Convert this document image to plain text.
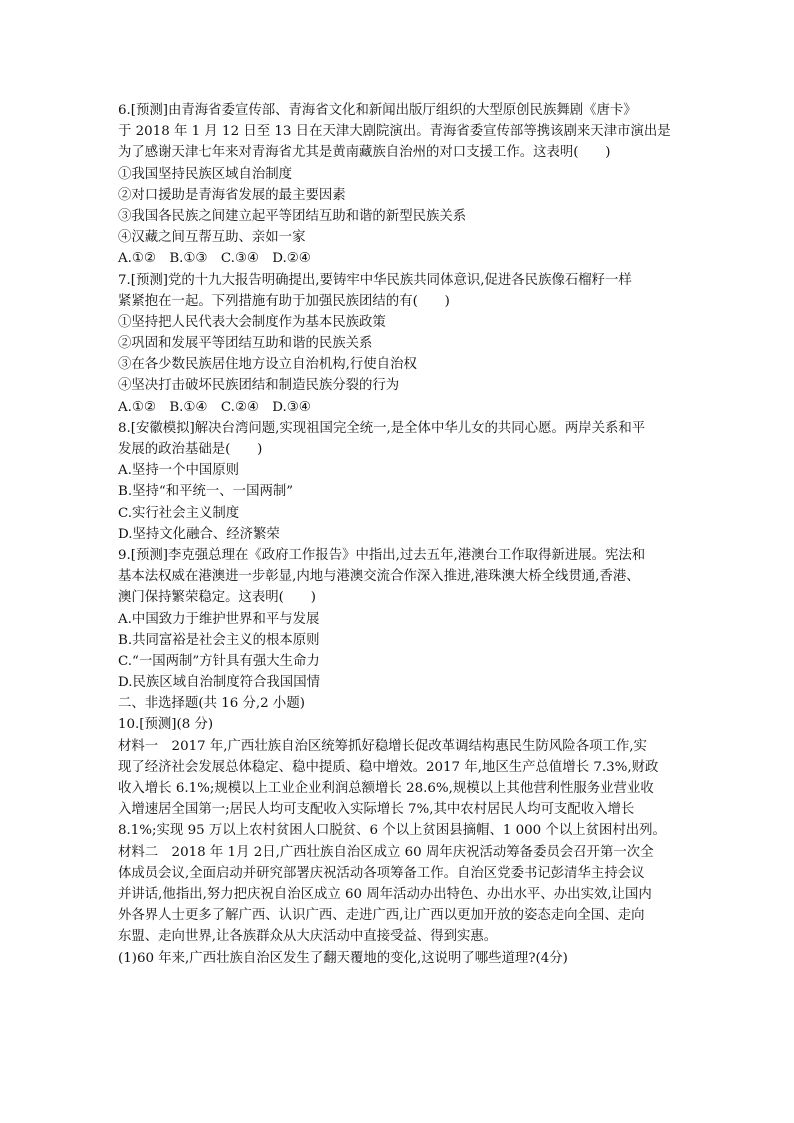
6.[预测]由青海省委宣传部、青海省文化和新闻出版厅组织的大型原创民族舞剧《唐卡》
于 2018 年 1 月 12 日至 13 日在天津大剧院演出。青海省委宣传部等携该剧来天津市演出是
为了感谢天津七年来对青海省尤其是黄南藏族自治州的对口支援工作。这表明(　　)
①我国坚持民族区域自治制度
②对口援助是青海省发展的最主要因素
③我国各民族之间建立起平等团结互助和谐的新型民族关系
④汉藏之间互帮互助、亲如一家
A.①②　B.①③　C.③④　D.②④
7.[预测]党的十九大报告明确提出,要铸牢中华民族共同体意识,促进各民族像石榴籽一样
紧紧抱在一起。下列措施有助于加强民族团结的有(　　)
①坚持把人民代表大会制度作为基本民族政策
②巩固和发展平等团结互助和谐的民族关系
③在各少数民族居住地方设立自治机构,行使自治权
④坚决打击破坏民族团结和制造民族分裂的行为
A.①②　B.①④　C.②④　D.③④
8.[安徽模拟]解决台湾问题,实现祖国完全统一,是全体中华儿女的共同心愿。两岸关系和平
发展的政治基础是(　　)
A.坚持一个中国原则
B.坚持“和平统一、一国两制”
C.实行社会主义制度
D.坚持文化融合、经济繁荣
9.[预测]李克强总理在《政府工作报告》中指出,过去五年,港澳台工作取得新进展。宪法和
基本法权威在港澳进一步彰显,内地与港澳交流合作深入推进,港珠澳大桥全线贯通,香港、
澳门保持繁荣稳定。这表明(　　)
A.中国致力于维护世界和平与发展
B.共同富裕是社会主义的根本原则
C.“一国两制”方针具有强大生命力
D.民族区域自治制度符合我国国情
二、非选择题(共 16 分,2 小题)
10.[预测](8 分)
材料一　2017 年,广西壮族自治区统筹抓好稳增长促改革调结构惠民生防风险各项工作,实
现了经济社会发展总体稳定、稳中提质、稳中增效。2017 年,地区生产总值增长 7.3%,财政
收入增长 6.1%;规模以上工业企业利润总额增长 28.6%,规模以上其他营利性服务业营业收
入增速居全国第一;居民人均可支配收入实际增长 7%,其中农村居民人均可支配收入增长
8.1%;实现 95 万以上农村贫困人口脱贫、6 个以上贫困县摘帽、1 000 个以上贫困村出列。
材料二　2018 年 1月 2日,广西壮族自治区成立 60 周年庆祝活动筹备委员会召开第一次全
体成员会议,全面启动并研究部署庆祝活动各项筹备工作。自治区党委书记彭清华主持会议
并讲话,他指出,努力把庆祝自治区成立 60 周年活动办出特色、办出水平、办出实效,让国内
外各界人士更多了解广西、认识广西、走进广西,让广西以更加开放的姿态走向全国、走向
东盟、走向世界,让各族群众从大庆活动中直接受益、得到实惠。
(1)60 年来,广西壮族自治区发生了翻天覆地的变化,这说明了哪些道理?(4分)
